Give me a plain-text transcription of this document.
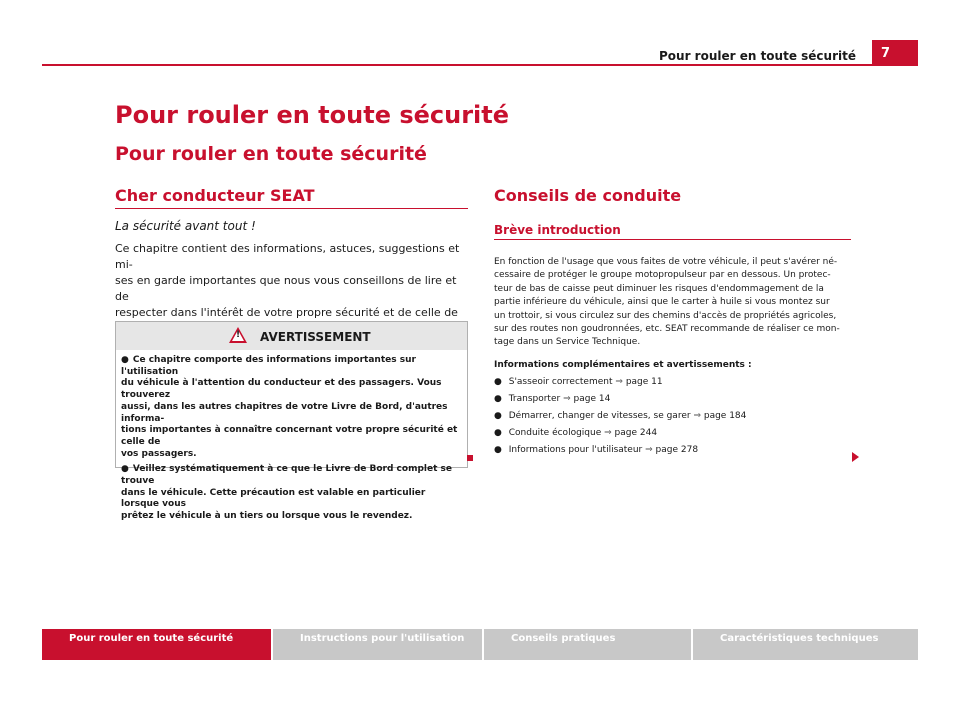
Pour rouler en toute sécurité	7
Pour rouler en toute sécurité
Pour rouler en toute sécurité
Cher conducteur SEAT
La sécurité avant tout !
Ce chapitre contient des informations, astuces, suggestions et mi-
ses en garde importantes que nous vous conseillons de lire et de
respecter dans l'intérêt de votre propre sécurité et de celle de
! AVERTISSEMENT
● Ce chapitre comporte des informations importantes sur l'utilisation
du véhicule à l'attention du conducteur et des passagers. Vous trouverez
aussi, dans les autres chapitres de votre Livre de Bord, d'autres informa-
tions importantes à connaître concernant votre propre sécurité et celle de
vos passagers.
● Veillez systématiquement à ce que le Livre de Bord complet se trouve
dans le véhicule. Cette précaution est valable en particulier lorsque vous
prêtez le véhicule à un tiers ou lorsque vous le revendez.
Conseils de conduite
Brève introduction
En fonction de l'usage que vous faites de votre véhicule, il peut s'avérer né-
cessaire de protéger le groupe motopropulseur par en dessous. Un protec-
teur de bas de caisse peut diminuer les risques d'endommagement de la
partie inférieure du véhicule, ainsi que le carter à huile si vous montez sur
un trottoir, si vous circulez sur des chemins d'accès de propriétés agricoles,
sur des routes non goudronnées, etc. SEAT recommande de réaliser ce mon-
tage dans un Service Technique.
Informations complémentaires et avertissements :
● S'asseoir correctement ⇒ page 11
● Transporter ⇒ page 14
● Démarrer, changer de vitesses, se garer ⇒ page 184
● Conduite écologique ⇒ page 244
● Informations pour l'utilisateur ⇒ page 278
Pour rouler en toute sécurité	Instructions pour l'utilisation	Conseils pratiques	Caractéristiques techniques
